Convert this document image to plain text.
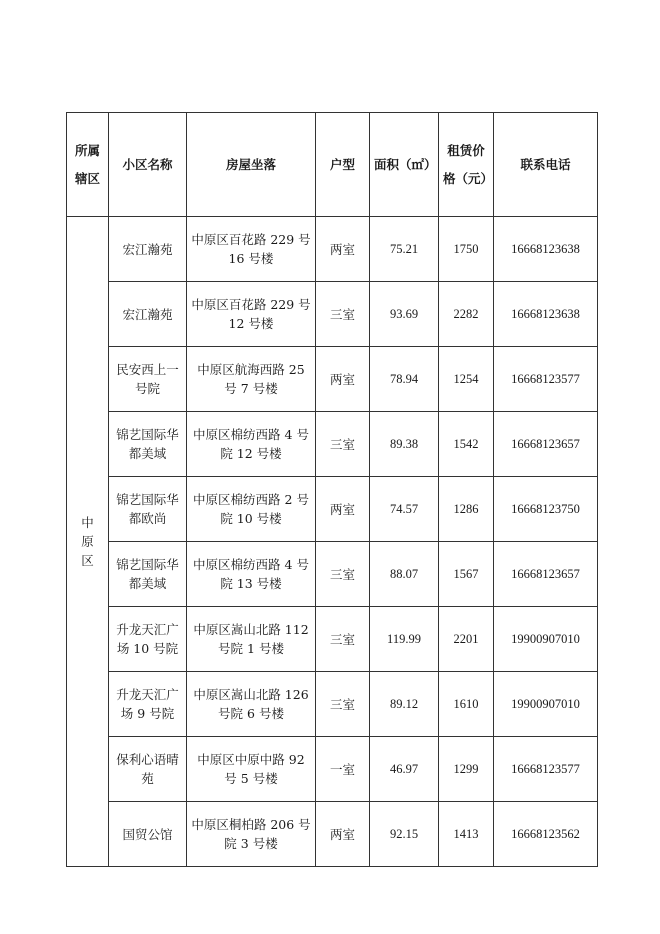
所属辖区	小区名称	房屋坐落	户型	面积（㎡）	租赁价格（元）	联系电话

中原区	宏江瀚苑	中原区百花路 229 号 16 号楼	两室	75.21	1750	16668123638
	宏江瀚苑	中原区百花路 229 号 12 号楼	三室	93.69	2282	16668123638
	民安西上一号院	中原区航海西路 25 号 7 号楼	两室	78.94	1254	16668123577
	锦艺国际华都美域	中原区棉纺西路 4 号院 12 号楼	三室	89.38	1542	16668123657
	锦艺国际华都欧尚	中原区棉纺西路 2 号院 10 号楼	两室	74.57	1286	16668123750
	锦艺国际华都美域	中原区棉纺西路 4 号院 13 号楼	三室	88.07	1567	16668123657
	升龙天汇广场 10 号院	中原区嵩山北路 112 号院 1 号楼	三室	119.99	2201	19900907010
	升龙天汇广场 9 号院	中原区嵩山北路 126 号院 6 号楼	三室	89.12	1610	19900907010
	保利心语晴苑	中原区中原中路 92 号 5 号楼	一室	46.97	1299	16668123577
	国贸公馆	中原区桐柏路 206 号院 3 号楼	两室	92.15	1413	16668123562
